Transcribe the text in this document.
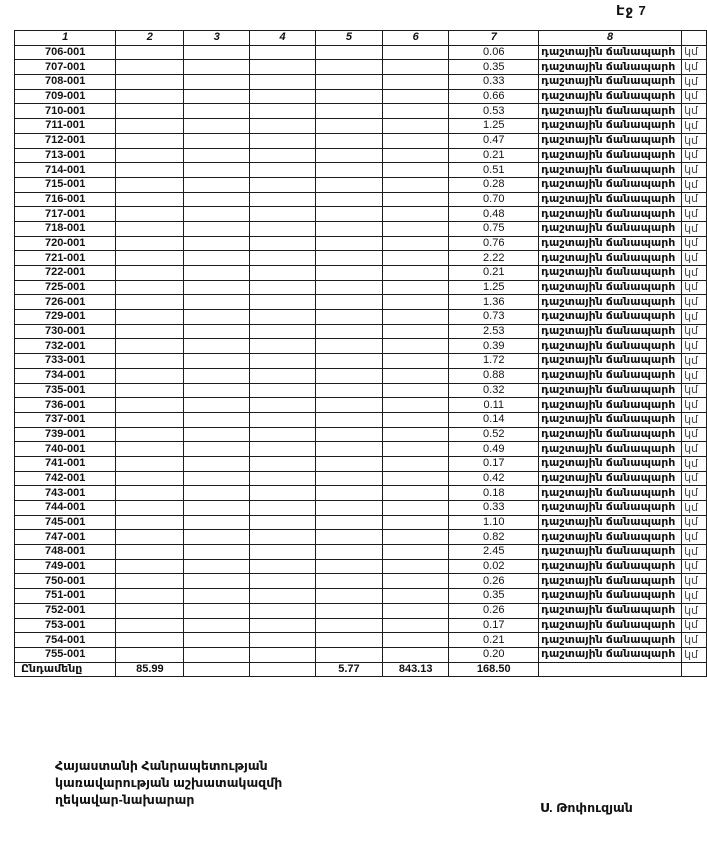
Էջ 7
1	2	3	4	5	6	7	8	
706-001						0.06	դաշտային ճանապարհ	կմ
707-001						0.35	դաշտային ճանապարհ	կմ
708-001						0.33	դաշտային ճանապարհ	կմ
709-001						0.66	դաշտային ճանապարհ	կմ
710-001						0.53	դաշտային ճանապարհ	կմ
711-001						1.25	դաշտային ճանապարհ	կմ
712-001						0.47	դաշտային ճանապարհ	կմ
713-001						0.21	դաշտային ճանապարհ	կմ
714-001						0.51	դաշտային ճանապարհ	կմ
715-001						0.28	դաշտային ճանապարհ	կմ
716-001						0.70	դաշտային ճանապարհ	կմ
717-001						0.48	դաշտային ճանապարհ	կմ
718-001						0.75	դաշտային ճանապարհ	կմ
720-001						0.76	դաշտային ճանապարհ	կմ
721-001						2.22	դաշտային ճանապարհ	կմ
722-001						0.21	դաշտային ճանապարհ	կմ
725-001						1.25	դաշտային ճանապարհ	կմ
726-001						1.36	դաշտային ճանապարհ	կմ
729-001						0.73	դաշտային ճանապարհ	կմ
730-001						2.53	դաշտային ճանապարհ	կմ
732-001						0.39	դաշտային ճանապարհ	կմ
733-001						1.72	դաշտային ճանապարհ	կմ
734-001						0.88	դաշտային ճանապարհ	կմ
735-001						0.32	դաշտային ճանապարհ	կմ
736-001						0.11	դաշտային ճանապարհ	կմ
737-001						0.14	դաշտային ճանապարհ	կմ
739-001						0.52	դաշտային ճանապարհ	կմ
740-001						0.49	դաշտային ճանապարհ	կմ
741-001						0.17	դաշտային ճանապարհ	կմ
742-001						0.42	դաշտային ճանապարհ	կմ
743-001						0.18	դաշտային ճանապարհ	կմ
744-001						0.33	դաշտային ճանապարհ	կմ
745-001						1.10	դաշտային ճանապարհ	կմ
747-001						0.82	դաշտային ճանապարհ	կմ
748-001						2.45	դաշտային ճանապարհ	կմ
749-001						0.02	դաշտային ճանապարհ	կմ
750-001						0.26	դաշտային ճանապարհ	կմ
751-001						0.35	դաշտային ճանապարհ	կմ
752-001						0.26	դաշտային ճանապարհ	կմ
753-001						0.17	դաշտային ճանապարհ	կմ
754-001						0.21	դաշտային ճանապարհ	կմ
755-001						0.20	դաշտային ճանապարհ	կմ
Ընդամենը	85.99			5.77	843.13	168.50		
Հայաստանի Հանրապետության
կառավարության աշխատակազմի
ղեկավար-նախարար
Ս. Թոփուզյան
